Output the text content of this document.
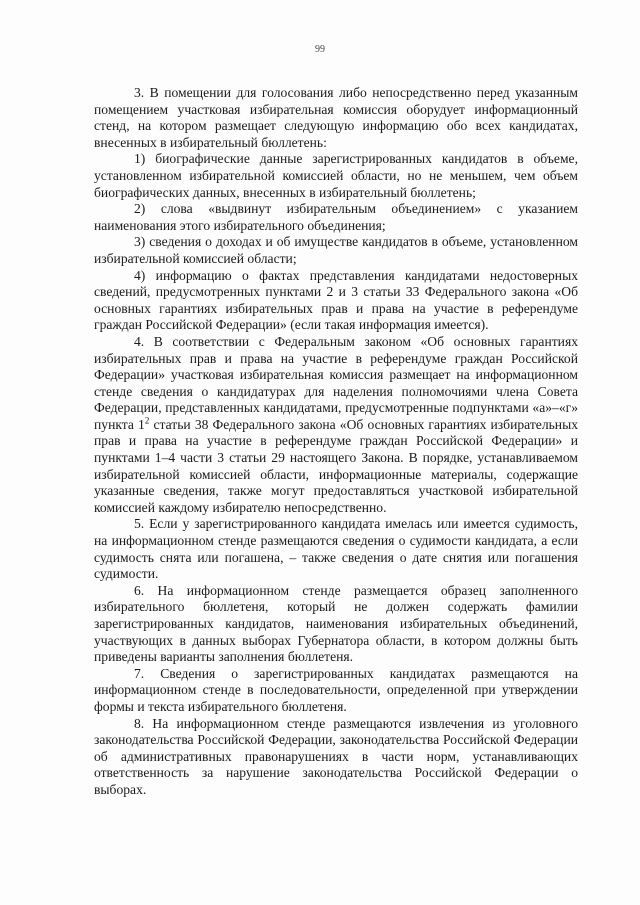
99

3. В помещении для голосования либо непосредственно перед указанным помещением участковая избирательная комиссия оборудует информационный стенд, на котором размещает следующую информацию обо всех кандидатах, внесенных в избирательный бюллетень:

1) биографические данные зарегистрированных кандидатов в объеме, установленном избирательной комиссией области, но не меньшем, чем объем биографических данных, внесенных в избирательный бюллетень;

2) слова «выдвинут избирательным объединением» с указанием наименования этого избирательного объединения;

3) сведения о доходах и об имуществе кандидатов в объеме, установленном избирательной комиссией области;

4) информацию о фактах представления кандидатами недостоверных сведений, предусмотренных пунктами 2 и 3 статьи 33 Федерального закона «Об основных гарантиях избирательных прав и права на участие в референдуме граждан Российской Федерации» (если такая информация имеется).

4. В соответствии с Федеральным законом «Об основных гарантиях избирательных прав и права на участие в референдуме граждан Российской Федерации» участковая избирательная комиссия размещает на информационном стенде сведения о кандидатурах для наделения полномочиями члена Совета Федерации, представленных кандидатами, предусмотренные подпунктами «а»–«г» пункта $1^2$ статьи 38 Федерального закона «Об основных гарантиях избирательных прав и права на участие в референдуме граждан Российской Федерации» и пунктами 1–4 части 3 статьи 29 настоящего Закона. В порядке, устанавливаемом избирательной комиссией области, информационные материалы, содержащие указанные сведения, также могут предоставляться участковой избирательной комиссией каждому избирателю непосредственно.

5. Если у зарегистрированного кандидата имелась или имеется судимость, на информационном стенде размещаются сведения о судимости кандидата, а если судимость снята или погашена, – также сведения о дате снятия или погашения судимости.

6. На информационном стенде размещается образец заполненного избирательного бюллетеня, который не должен содержать фамилии зарегистрированных кандидатов, наименования избирательных объединений, участвующих в данных выборах Губернатора области, в котором должны быть приведены варианты заполнения бюллетеня.

7. Сведения о зарегистрированных кандидатах размещаются на информационном стенде в последовательности, определенной при утверждении формы и текста избирательного бюллетеня.

8. На информационном стенде размещаются извлечения из уголовного законодательства Российской Федерации, законодательства Российской Федерации об административных правонарушениях в части норм, устанавливающих ответственность за нарушение законодательства Российской Федерации о выборах.
